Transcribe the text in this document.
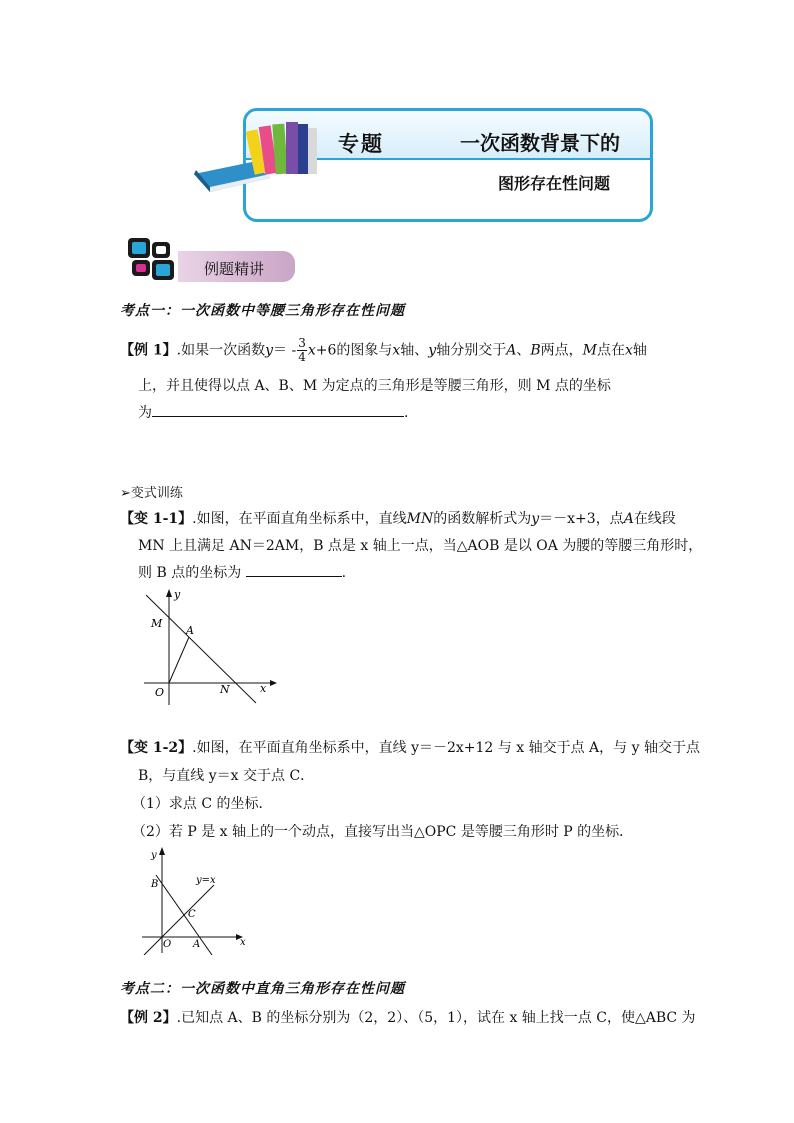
专题	一次函数背景下的
图形存在性问题
例题精讲
考点一：一次函数中等腰三角形存在性问题
【例 1】.如果一次函数$y= - \frac{3}{4} x+6$的图象与x轴、y轴分别交于A、B两点，M点在x轴
上，并且使得以点 A、B、M 为定点的三角形是等腰三角形，则 M 点的坐标
为	.
➢变式训练
【变 1-1】.如图，在平面直角坐标系中，直线MN的函数解析式为y＝－x+3，点A在线段
MN 上且满足 AN＝2AM，B 点是 x 轴上一点，当△AOB 是以 OA 为腰的等腰三角形时，
则 B 点的坐标为	.
y
x
O
M
A
N
【变 1-2】.如图，在平面直角坐标系中，直线 y＝－2x+12 与 x 轴交于点 A，与 y 轴交于点
B，与直线 y＝x 交于点 C．
（1）求点 C 的坐标．
（2）若 P 是 x 轴上的一个动点，直接写出当△OPC 是等腰三角形时 P 的坐标．
y
x
O A
B
C
y=x
考点二：一次函数中直角三角形存在性问题
【例 2】.已知点 A、B 的坐标分别为（2，2）、（5，1），试在 x 轴上找一点 C，使△ABC 为
